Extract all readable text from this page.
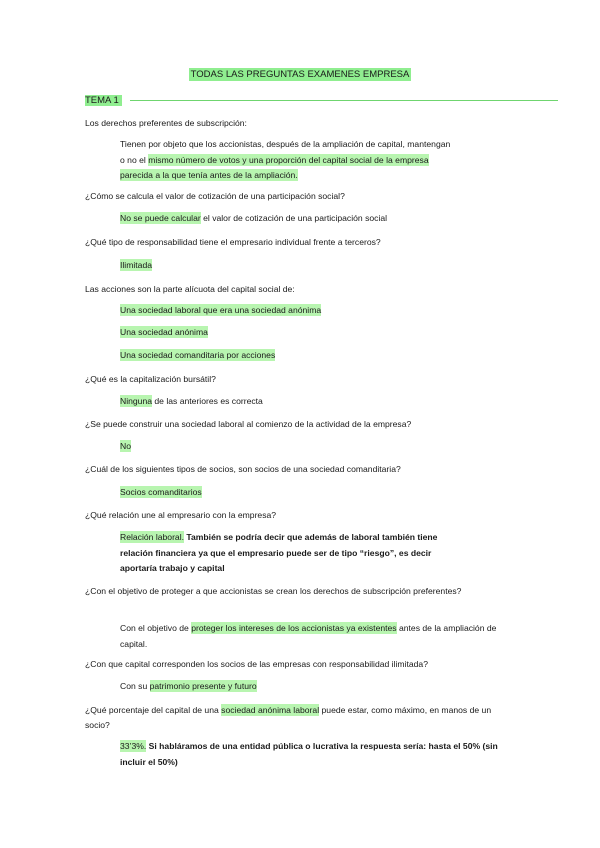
TODAS LAS PREGUNTAS EXAMENES EMPRESA
TEMA 1
Los derechos preferentes de subscripción:
Tienen por objeto que los accionistas, después de la ampliación de capital, mantengan
o no el mismo número de votos y una proporción del capital social de la empresa
parecida a la que tenía antes de la ampliación.
¿Cómo se calcula el valor de cotización de una participación social?
No se puede calcular el valor de cotización de una participación social
¿Qué tipo de responsabilidad tiene el empresario individual frente a terceros?
Ilimitada
Las acciones son la parte alícuota del capital social de:
Una sociedad laboral que era una sociedad anónima
Una sociedad anónima
Una sociedad comanditaria por acciones
¿Qué es la capitalización bursátil?
Ninguna de las anteriores es correcta
¿Se puede construir una sociedad laboral al comienzo de la actividad de la empresa?
No
¿Cuál de los siguientes tipos de socios, son socios de una sociedad comanditaria?
Socios comanditarios
¿Qué relación une al empresario con la empresa?
Relación laboral. También se podría decir que además de laboral también tiene
relación financiera ya que el empresario puede ser de tipo “riesgo”, es decir
aportaría trabajo y capital
¿Con el objetivo de proteger a que accionistas se crean los derechos de subscripción preferentes?
Con el objetivo de proteger los intereses de los accionistas ya existentes antes de la ampliación de capital.
¿Con que capital corresponden los socios de las empresas con responsabilidad ilimitada?
Con su patrimonio presente y futuro
¿Qué porcentaje del capital de una sociedad anónima laboral puede estar, como máximo, en manos de un socio?
33’3%. Si habláramos de una entidad pública o lucrativa la respuesta sería: hasta el 50% (sin incluir el 50%)
